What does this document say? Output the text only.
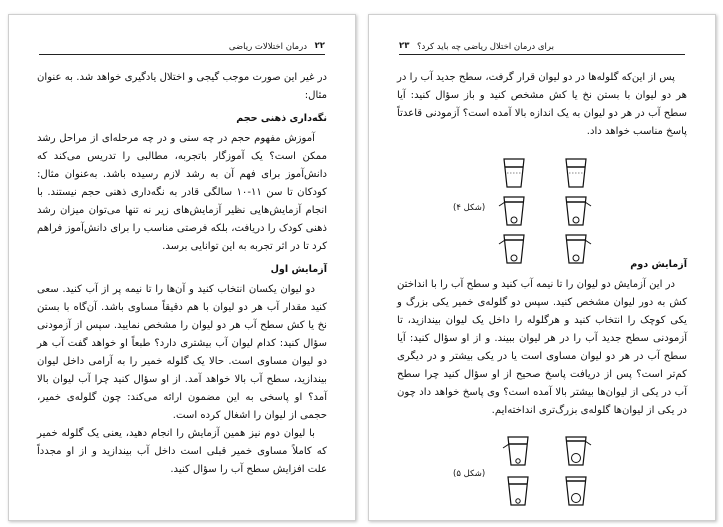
۲۲
درمان اختلالات ریاضی

در غیر این صورت موجب گیجی و اختلال یادگیری خواهد شد. به عنوان مثال:

نگه‌داری ذهنی حجم

آموزش مفهوم حجم در چه سنی و در چه مرحله‌ای از مراحل رشد ممکن است؟ یک آموزگار باتجربه، مطالبی را تدریس می‌کند که دانش‌آموز برای فهم آن به رشد لازم رسیده باشد. به‌عنوان مثال: کودکان تا سن ۱۱-۱۰ سالگی قادر به نگه‌داری ذهنی حجم نیستند. با انجام آزمایش‌هایی نظیر آزمایش‌های زیر نه تنها می‌توان میزان رشد ذهنی کودک را دریافت، بلکه فرصتی مناسب را برای دانش‌آموز فراهم کرد تا در اثر تجربه به این توانایی برسد.

آزمایش اول

دو لیوان یکسان انتخاب کنید و آن‌ها را تا نیمه پر از آب کنید. سعی کنید مقدار آب هر دو لیوان با هم دقیقاً مساوی باشد. آن‌گاه با بستن نخ یا کش سطح آب هر دو لیوان را مشخص نمایید. سپس از آزمودنی سؤال کنید: کدام لیوان آب بیشتری دارد؟ طبعاً او خواهد گفت آب هر دو لیوان مساوی است. حالا یک گلوله خمیر را به آرامی داخل لیوان بیندازید، سطح آب بالا خواهد آمد. از او سؤال کنید چرا آب لیوان بالا آمد؟ او پاسخی به این مضمون ارائه می‌کند: چون گلوله‌ی خمیر، حجمی از لیوان را اشغال کرده است.

با لیوان دوم نیز همین آزمایش را انجام دهید، یعنی یک گلوله خمیر که کاملاً مساوی خمیر قبلی است داخل آب بیندازید و از او مجدداً علت افزایش سطح آب را سؤال کنید.

۲۳ برای درمان اختلال ریاضی چه باید کرد؟

پس از این‌که گلوله‌ها در دو لیوان قرار گرفت، سطح جدید آب را در هر دو لیوان با بستن نخ یا کش مشخص کنید و باز سؤال کنید: آیا سطح آب در هر دو لیوان به یک اندازه بالا آمده است؟ آزمودنی قاعدتاً پاسخ مناسب خواهد داد.

(شکل ۴)
آزمایش دوم

در این آزمایش دو لیوان را تا نیمه آب کنید و سطح آب را با انداختن کش به دور لیوان مشخص کنید. سپس دو گلوله‌ی خمیر یکی بزرگ و یکی کوچک را انتخاب کنید و هرگلوله را داخل یک لیوان بیندازید، تا آزمودنی سطح جدید آب را در هر لیوان ببیند. و از او سؤال کنید: آیا سطح آب در هر دو لیوان مساوی است یا در یکی بیشتر و در دیگری کم‌تر است؟ پس از دریافت پاسخ صحیح از او سؤال کنید چرا سطح آب در یکی از لیوان‌ها بیشتر بالا آمده است؟ وی پاسخ خواهد داد چون در یکی از لیوان‌ها گلوله‌ی بزرگ‌تری انداخته‌ایم.

(شکل ۵)
